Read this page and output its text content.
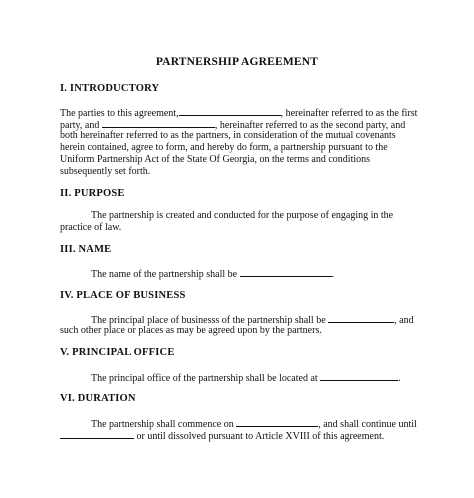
PARTNERSHIP AGREEMENT
I. INTRODUCTORY
The parties to this agreement,	, hereinafter referred to as the first
party, and	, hereinafter referred to as the second party, and
both hereinafter referred to as the partners, in consideration of the mutual covenants
herein contained, agree to form, and hereby do form, a partnership pursuant to the
Uniform Partnership Act of the State Of Georgia, on the terms and conditions
subsequently set forth.
II. PURPOSE
The partnership is created and conducted for the purpose of engaging in the
practice of law.
III. NAME
The name of the partnership shall be	.
IV. PLACE OF BUSINESS
The principal place of businesss of the partnership shall be	, and
such other place or places as may be agreed upon by the partners.
V. PRINCIPAL OFFICE
The principal office of the partnership shall be located at	.
VI. DURATION
The partnership shall commence on	, and shall continue until
or until dissolved pursuant to Article XVIII of this agreement.
